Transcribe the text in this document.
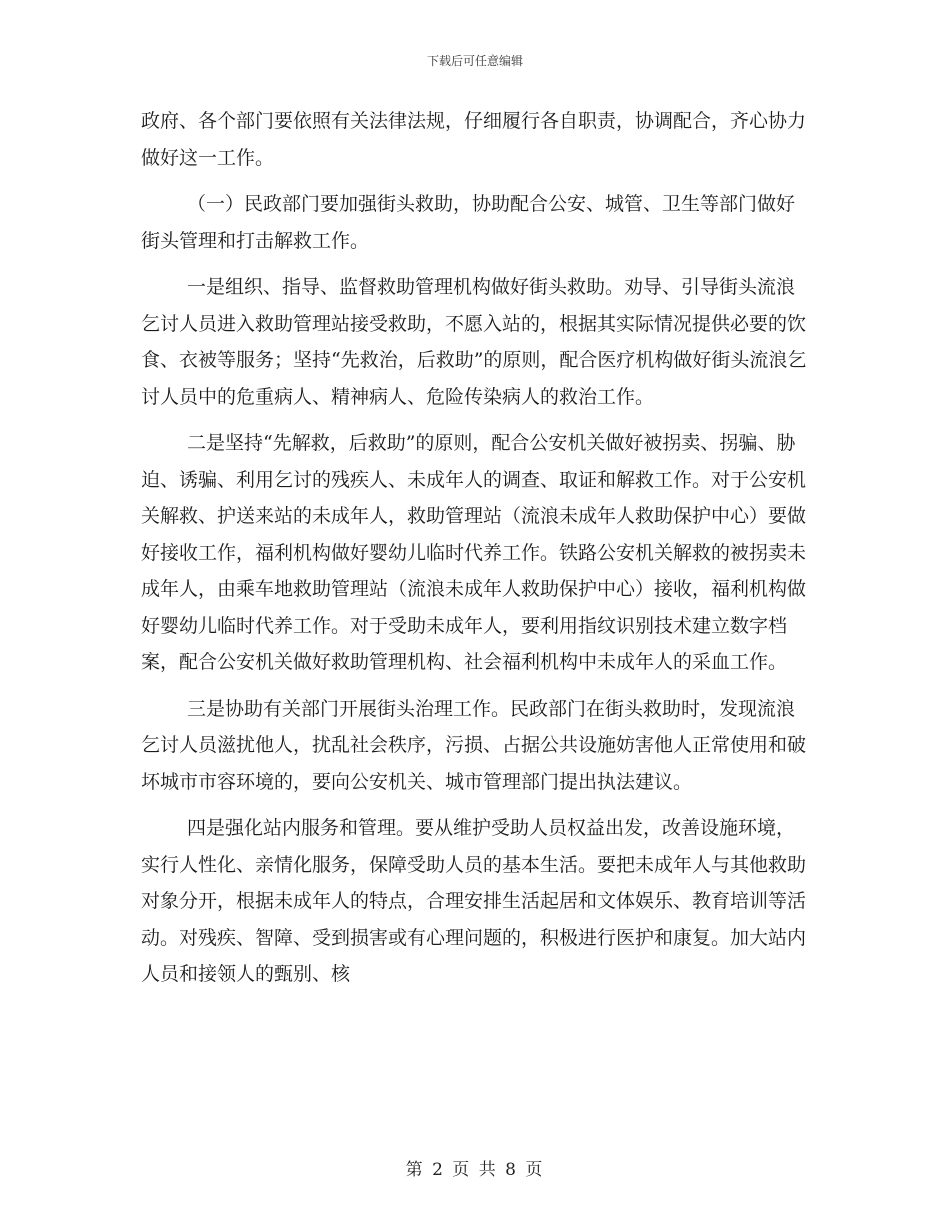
下载后可任意编辑

政府、各个部门要依照有关法律法规，仔细履行各自职责，协调配合，齐心协力做好这一工作。

（一）民政部门要加强街头救助，协助配合公安、城管、卫生等部门做好街头管理和打击解救工作。

一是组织、指导、监督救助管理机构做好街头救助。劝导、引导街头流浪乞讨人员进入救助管理站接受救助，不愿入站的，根据其实际情况提供必要的饮食、衣被等服务；坚持“先救治，后救助”的原则，配合医疗机构做好街头流浪乞讨人员中的危重病人、精神病人、危险传染病人的救治工作。

二是坚持“先解救，后救助”的原则，配合公安机关做好被拐卖、拐骗、胁迫、诱骗、利用乞讨的残疾人、未成年人的调查、取证和解救工作。对于公安机关解救、护送来站的未成年人，救助管理站（流浪未成年人救助保护中心）要做好接收工作，福利机构做好婴幼儿临时代养工作。铁路公安机关解救的被拐卖未成年人，由乘车地救助管理站（流浪未成年人救助保护中心）接收，福利机构做好婴幼儿临时代养工作。对于受助未成年人，要利用指纹识别技术建立数字档案，配合公安机关做好救助管理机构、社会福利机构中未成年人的采血工作。

三是协助有关部门开展街头治理工作。民政部门在街头救助时，发现流浪乞讨人员滋扰他人，扰乱社会秩序，污损、占据公共设施妨害他人正常使用和破坏城市市容环境的，要向公安机关、城市管理部门提出执法建议。

四是强化站内服务和管理。要从维护受助人员权益出发，改善设施环境，实行人性化、亲情化服务，保障受助人员的基本生活。要把未成年人与其他救助对象分开，根据未成年人的特点，合理安排生活起居和文体娱乐、教育培训等活动。对残疾、智障、受到损害或有心理问题的，积极进行医护和康复。加大站内人员和接领人的甄别、核

第 2 页 共 8 页
